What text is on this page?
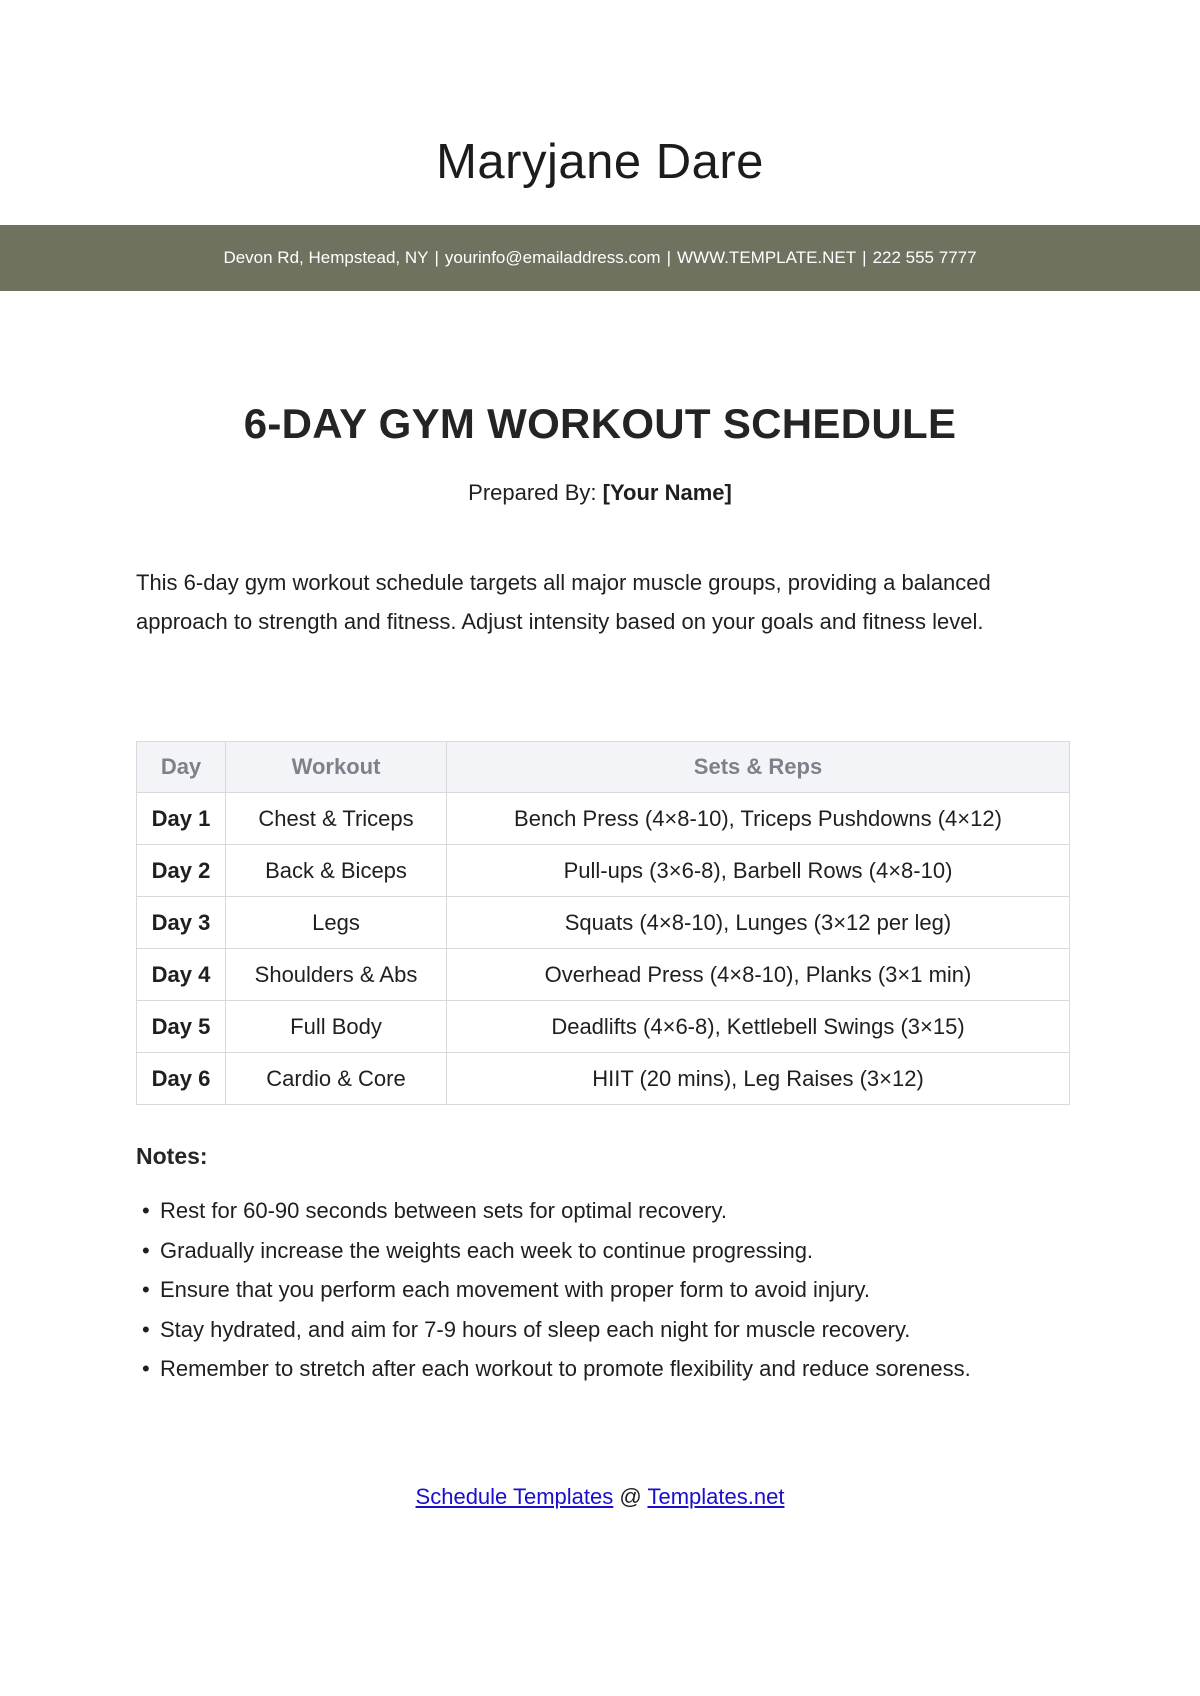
Maryjane Dare
Devon Rd, Hempstead, NY | yourinfo@emailaddress.com | WWW.TEMPLATE.NET | 222 555 7777
6-DAY GYM WORKOUT SCHEDULE
Prepared By: [Your Name]
This 6-day gym workout schedule targets all major muscle groups, providing a balanced approach to strength and fitness. Adjust intensity based on your goals and fitness level.
Day	Workout	Sets & Reps
Day 1	Chest & Triceps	Bench Press (4×8-10), Triceps Pushdowns (4×12)
Day 2	Back & Biceps	Pull-ups (3×6-8), Barbell Rows (4×8-10)
Day 3	Legs	Squats (4×8-10), Lunges (3×12 per leg)
Day 4	Shoulders & Abs	Overhead Press (4×8-10), Planks (3×1 min)
Day 5	Full Body	Deadlifts (4×6-8), Kettlebell Swings (3×15)
Day 6	Cardio & Core	HIIT (20 mins), Leg Raises (3×12)
Notes:
• Rest for 60-90 seconds between sets for optimal recovery.
• Gradually increase the weights each week to continue progressing.
• Ensure that you perform each movement with proper form to avoid injury.
• Stay hydrated, and aim for 7-9 hours of sleep each night for muscle recovery.
• Remember to stretch after each workout to promote flexibility and reduce soreness.
Schedule Templates @ Templates.net
